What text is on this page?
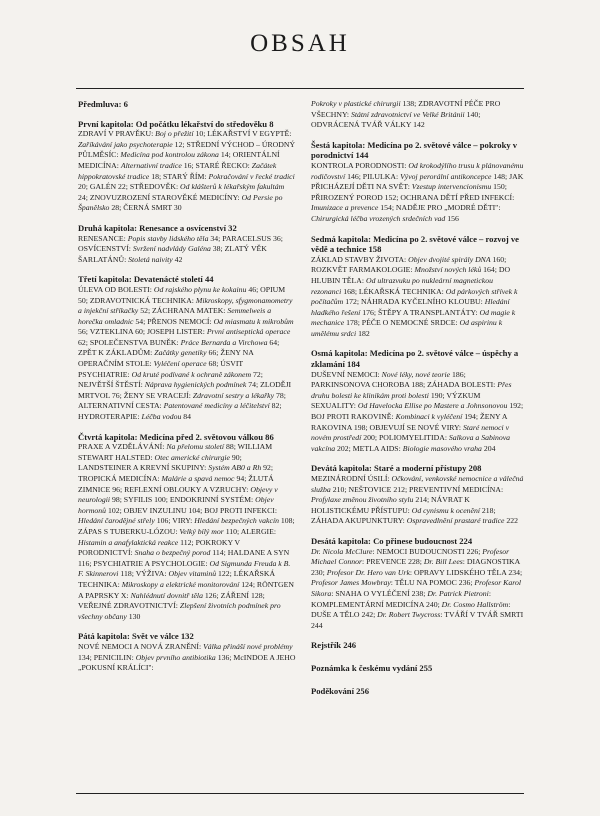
OBSAH
Předmluva: 6
První kapitola: Od počátku lékařství do středověku 8
ZDRAVÍ V PRAVĚKU: Boj o přežití 10; LÉKAŘSTVÍ V EGYPTĚ: Zaříkávání jako psychoterapie 12; STŘEDNÍ VÝCHOD – ÚRODNÝ PŮLMĚSÍC: Medicína pod kontrolou zákona 14; ORIENTÁLNÍ MEDICÍNA: Alternativní tradice 16; STARÉ ŘECKO: Začátek hippokratovské tradice 18; STARÝ ŘÍM: Pokračování v řecké tradici 20; GALÉN 22; STŘEDOVĚK: Od klášterů k lékařským fakultám 24; ZNOVUZROZENÍ STAROVĚKÉ MEDICÍNY: Od Persie po Španělsko 28; ČERNÁ SMRT 30
Druhá kapitola: Renesance a osvícenství 32
RENESANCE: Popis stavby lidského těla 34; PARACELSUS 36; OSVÍCENSTVÍ: Svržení nadvlády Galéna 38; ZLATÝ VĚK ŠARLATÁNŮ: Stoletá naivity 42
Třetí kapitola: Devatenácté století 44
ÚLEVA OD BOLESTI: Od rajského plynu ke kokainu 46; OPIUM 50; ZDRAVOTNICKÁ TECHNIKA: Mikroskopy, sfygmonamometry a injekční stříkačky 52; ZÁCHRANA MATEK: Semmelweis a horečka omladnic 54; PŘENOS NEMOCÍ: Od miasmatu k mikrobům 56; VZTEKLINA 60; JOSEPH LISTER: První antiseptická operace 62; SPOLEČENSTVA BUNĚK: Práce Bernarda a Virchowa 64; ZPĚT K ZÁKLADŮM: Začátky genetiky 66; ŽENY NA OPERAČNÍM STOLE: Vyléčení operace 68; ÚSVIT PSYCHIATRIE: Od kruté podívané k ochraně zákonem 72; NEJVĚTŠÍ ŠTĚSTÍ: Náprava hygienických podmínek 74; ZLODĚJI MRTVOL 76; ŽENY SE VRACEJÍ: Zdravotní sestry a lékařky 78; ALTERNATIVNÍ CESTA: Patentované medicíny a léčitelství 82; HYDROTERAPIE: Léčba vodou 84
Čtvrtá kapitola: Medicína před 2. světovou válkou 86
PRAXE A VZDĚLÁVÁNÍ: Na přelomu století 88; WILLIAM STEWART HALSTED: Otec americké chirurgie 90; LANDSTEINER A KREVNÍ SKUPINY: Systém AB0 a Rh 92; TROPICKÁ MEDICÍNA: Malárie a spavá nemoc 94; ŽLUTÁ ZIMNICE 96; REFLEXNÍ OBLOUKY A VZRUCHY: Objevy v neurologii 98; SYFILIS 100; ENDOKRINNÍ SYSTÉM: Objev hormonů 102; OBJEV INZULINU 104; BOJ PROTI INFEKCI: Hledání čarodějné střely 106; VIRY: Hledání bezpečných vakcín 108; ZÁPAS S TUBERKU-LÓZOU: Velký bílý mor 110; ALERGIE: Histamin a anafylaktická reakce 112; POKROKY V PORODNICTVÍ: Snaha o bezpečný porod 114; HALDANE A SYN 116; PSYCHIATRIE A PSYCHOLOGIE: Od Sigmunda Freuda k B. F. Skinnerovi 118; VÝŽIVA: Objev vitaminů 122; LÉKAŘSKÁ TECHNIKA: Mikroskopy a elektrické monitorování 124; RÖNTGEN A PAPRSKY X: Nahlédnutí dovnitř těla 126; ZÁŘENÍ 128; VEŘEJNÉ ZDRAVOTNICTVÍ: Zlepšení životních podmínek pro všechny občany 130
Pátá kapitola: Svět ve válce 132
NOVÉ NEMOCI A NOVÁ ZRANĚNÍ: Válka přináší nové problémy 134; PENICILIN: Objev prvního antibiotika 136; McINDOE A JEHO „POKUSNÍ KRÁLÍCI":
Pokroky v plastické chirurgii 138; ZDRAVOTNÍ PÉČE PRO VŠECHNY: Státní zdravotnictví ve Velké Británii 140; ODVRÁCENÁ TVÁŘ VÁLKY 142
Šestá kapitola: Medicína po 2. světové válce – pokroky v porodnictví 144
KONTROLA PORODNOSTI: Od krokodýlího trusu k plánovanému rodičovství 146; PILULKA: Vývoj perorální antikoncepce 148; JAK PŘICHÁZEJÍ DĚTI NA SVĚT: Vzestup intervencionismu 150; PŘIROZENÝ POROD 152; OCHRANA DĚTÍ PŘED INFEKCÍ: Imunizace a prevence 154; NADĚJE PRO „MODRÉ DĚTI": Chirurgická léčba vrozených srdečních vad 156
Sedmá kapitola: Medicína po 2. světové válce – rozvoj ve vědě a technice 158
ZÁKLAD STAVBY ŽIVOTA: Objev dvojité spirály DNA 160; ROZKVĚT FARMAKOLOGIE: Množství nových léků 164; DO HLUBIN TĚLA: Od ultrazvuku po nukleární magnetickou rezonanci 168; LÉKAŘSKÁ TECHNIKA: Od párkových střívek k počítačům 172; NÁHRADA KYČELNÍHO KLOUBU: Hledání hladkého řešení 176; ŠTĚPY A TRANSPLANTÁTY: Od magie k mechanice 178; PÉČE O NEMOCNÉ SRDCE: Od aspirinu k umělému srdci 182
Osmá kapitola: Medicína po 2. světové válce – úspěchy a zklamání 184
DUŠEVNÍ NEMOCI: Nové léky, nové teorie 186; PARKINSONOVA CHOROBA 188; ZÁHADA BOLESTI: Přes druhu bolesti ke klinikám proti bolesti 190; VÝZKUM SEXUALITY: Od Havelocka Ellise po Mastere a Johnsonovou 192; BOJ PROTI RAKOVINĚ: Kombinaci k vyléčení 194; ŽENY A RAKOVINA 198; OBJEVUJÍ SE NOVÉ VIRY: Staré nemoci v novém prostředí 200; POLIOMYELITIDA: Salkova a Sabinova vakcína 202; METLA AIDS: Biologie masového vraha 204
Devátá kapitola: Staré a moderní přístupy 208
MEZINÁRODNÍ ÚSILÍ: Očkování, venkovské nemocnice a válečná služba 210; NEŠTOVICE 212; PREVENTIVNÍ MEDICÍNA: Profylaxe změnou životního stylu 214; NÁVRAT K HOLISTICKÉMU PŘÍSTUPU: Od cynismu k ocenění 218; ZÁHADA AKUPUNKTURY: Ospravedlnění prastaré tradice 222
Desátá kapitola: Co přinese budoucnost 224
Dr. Nicola McClure: NEMOCI BUDOUCNOSTI 226; Profesor Michael Connor: PREVENCE 228; Dr. Bill Lees: DIAGNOSTIKA 230; Profesor Dr. Hero van Urk: OPRAVY LIDSKÉHO TĚLA 234; Profesor James Mowbray: TĚLU NA POMOC 236; Profesor Karol Sikora: SNAHA O VYLÉČENÍ 238; Dr. Patrick Pietroni: KOMPLEMENTÁRNÍ MEDICÍNA 240; Dr. Cosmo Hallström: DUŠE A TĚLO 242; Dr. Robert Twycross: TVÁŘÍ V TVÁŘ SMRTI 244
Rejstřík 246
Poznámka k českému vydání 255
Poděkování 256
